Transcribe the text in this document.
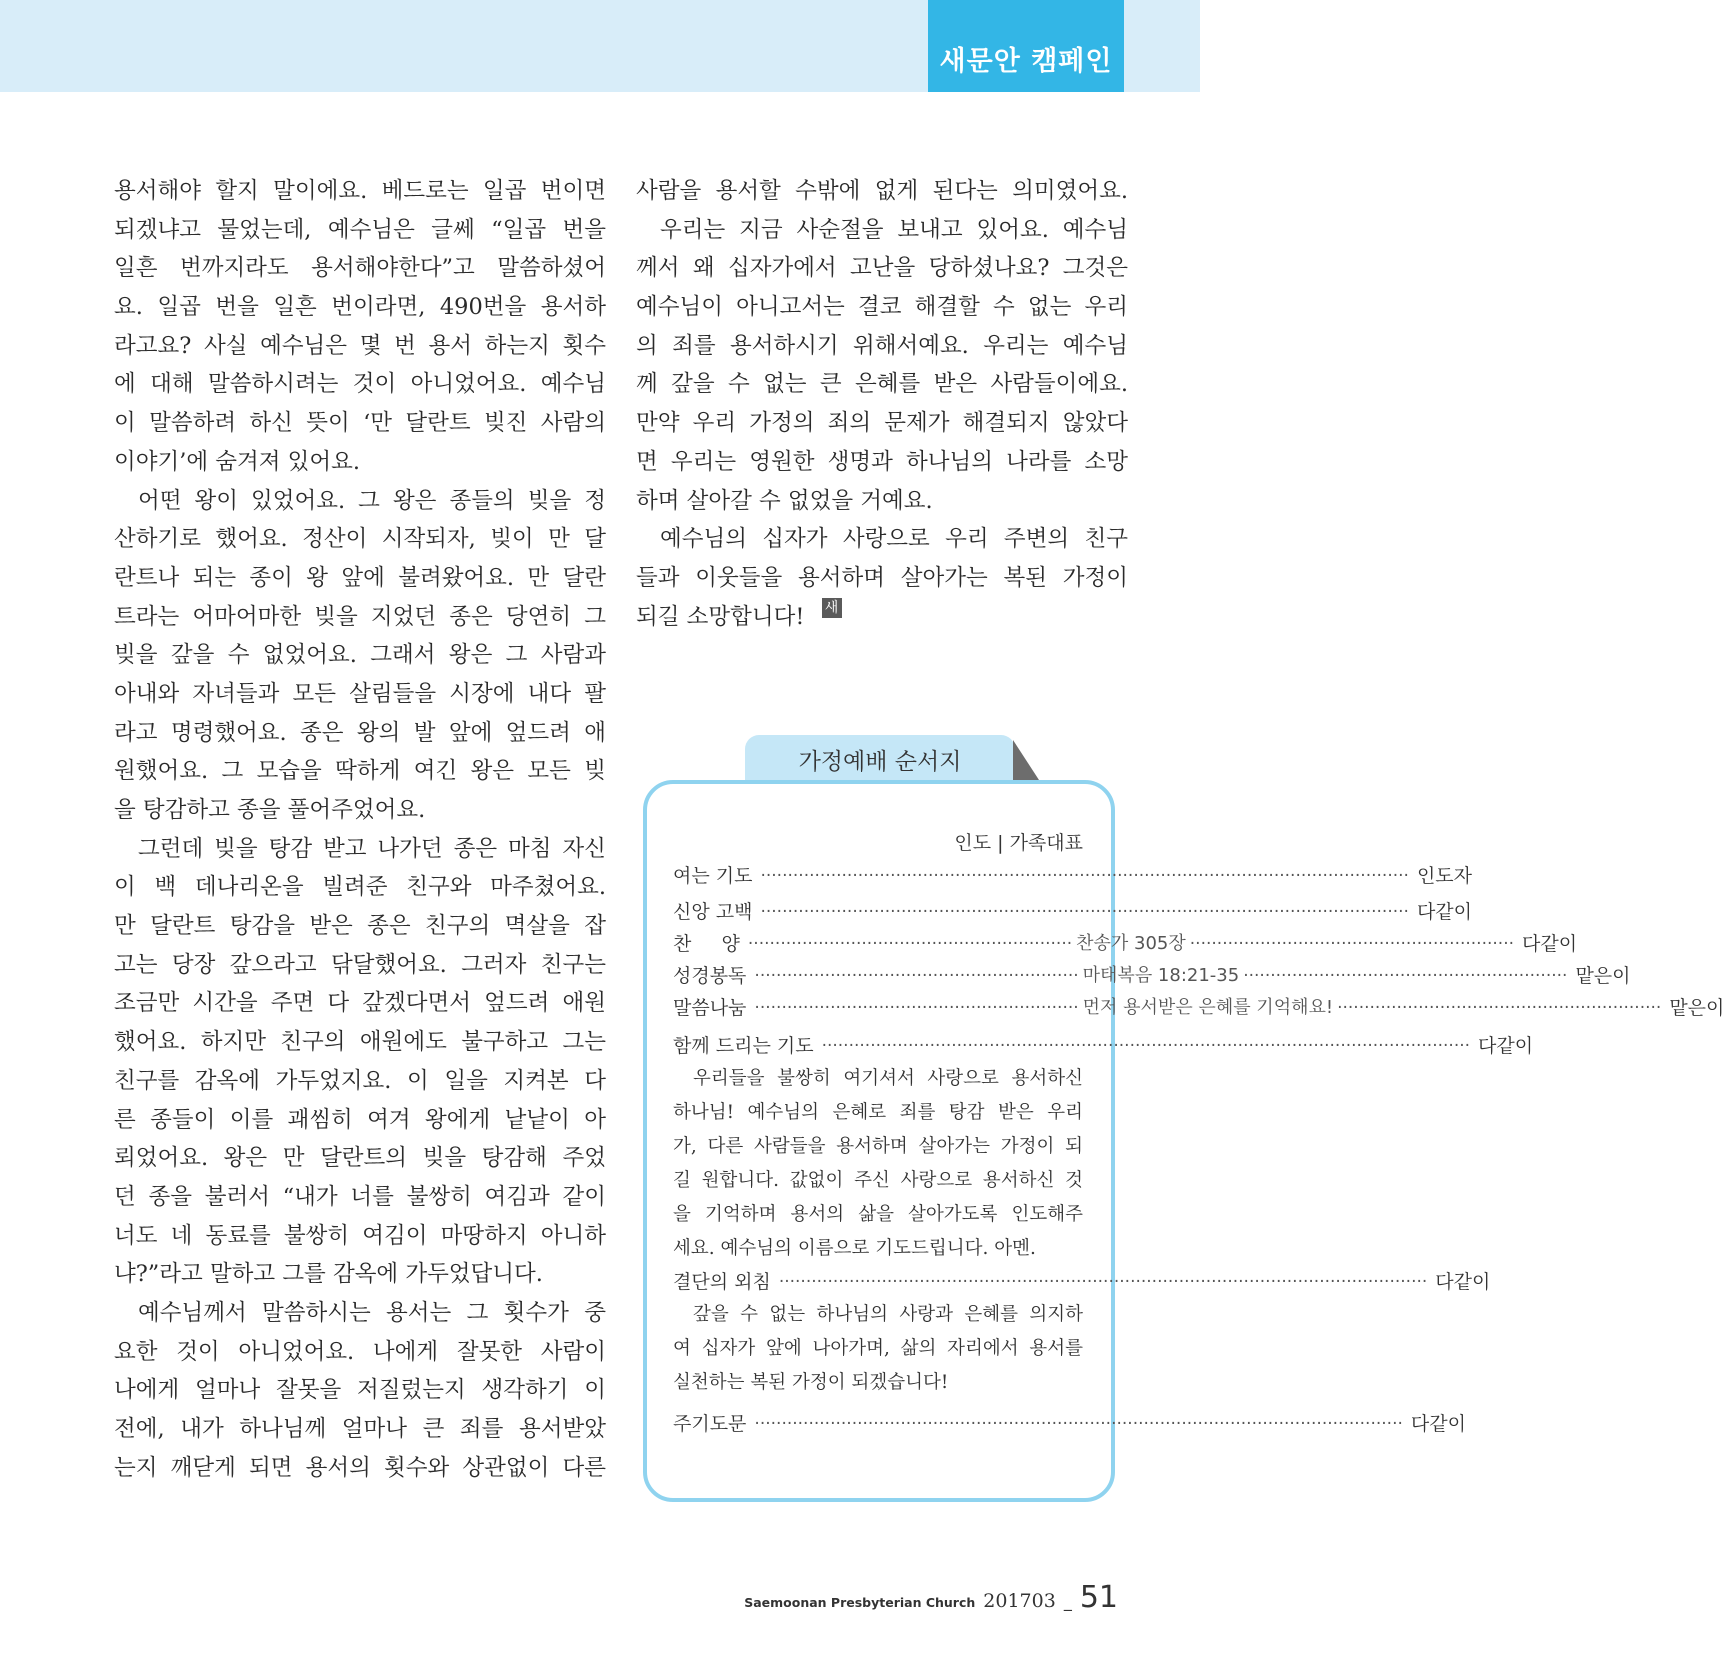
새문안 캠페인
용서해야 할지 말이에요. 베드로는 일곱 번이면
되겠냐고 물었는데, 예수님은 글쎄 “일곱 번을
일흔 번까지라도 용서해야한다”고 말씀하셨어
요. 일곱 번을 일흔 번이라면, 490번을 용서하
라고요? 사실 예수님은 몇 번 용서 하는지 횟수
에 대해 말씀하시려는 것이 아니었어요. 예수님
이 말씀하려 하신 뜻이 ‘만 달란트 빚진 사람의
이야기’에
숨겨져
있어요.

어떤 왕이 있었어요. 그 왕은 종들의 빚을 정
산하기로 했어요. 정산이 시작되자, 빚이 만 달
란트나 되는 종이 왕 앞에 불려왔어요. 만 달란
트라는 어마어마한 빚을 지었던 종은 당연히 그
빚을 갚을 수 없었어요. 그래서 왕은 그 사람과
아내와 자녀들과 모든 살림들을 시장에 내다 팔
라고 명령했어요. 종은 왕의 발 앞에 엎드려 애
원했어요. 그 모습을 딱하게 여긴 왕은 모든 빚
을
탕감하고
종을
풀어주었어요.

그런데 빚을 탕감 받고 나가던 종은 마침 자신
이 백 데나리온을 빌려준 친구와 마주쳤어요.
만 달란트 탕감을 받은 종은 친구의 멱살을 잡
고는 당장 갚으라고 닦달했어요. 그러자 친구는
조금만 시간을 주면 다 갚겠다면서 엎드려 애원
했어요. 하지만 친구의 애원에도 불구하고 그는
친구를 감옥에 가두었지요. 이 일을 지켜본 다
른 종들이 이를 괘씸히 여겨 왕에게 낱낱이 아
뢰었어요. 왕은 만 달란트의 빚을 탕감해 주었
던 종을 불러서 “내가 너를 불쌍히 여김과 같이
너도 네 동료를 불쌍히 여김이 마땅하지 아니하
냐?”라고
말하고
그를
감옥에
가두었답니다.

예수님께서 말씀하시는 용서는 그 횟수가 중
요한 것이 아니었어요. 나에게 잘못한 사람이
나에게 얼마나 잘못을 저질렀는지 생각하기 이
전에, 내가 하나님께 얼마나 큰 죄를 용서받았
는지 깨닫게 되면 용서의 횟수와 상관없이 다른
사람을 용서할 수밖에 없게 된다는 의미였어요.
우리는 지금 사순절을 보내고 있어요. 예수님
께서 왜 십자가에서 고난을 당하셨나요? 그것은
예수님이 아니고서는 결코 해결할 수 없는 우리
의 죄를 용서하시기 위해서예요. 우리는 예수님
께 갚을 수 없는 큰 은혜를 받은 사람들이에요.
만약 우리 가정의 죄의 문제가 해결되지 않았다
면 우리는 영원한 생명과 하나님의 나라를 소망
하며
살아갈
수
없었을
거예요.

예수님의 십자가 사랑으로 우리 주변의 친구
들과 이웃들을 용서하며 살아가는 복된 가정이
되길
소망합니다!
새
가정예배 순서지
인도 | 가족대표
여는 기도 ···························································· ···························································· 인도자
신앙 고백 ···························································· ···························································· 다같이
찬     양 ···························································· 찬송가 305장 ···························································· 다같이
성경봉독 ···························································· 마태복음 18:21-35 ···························································· 맡은이
말씀나눔 ···························································· 먼저 용서받은 은혜를 기억해요! ···························································· 맡은이
함께 드리는 기도 ···························································· ···························································· 다같이
우리들을 불쌍히 여기셔서 사랑으로 용서하신
하나님! 예수님의 은혜로 죄를 탕감 받은 우리
가, 다른 사람들을 용서하며 살아가는 가정이 되
길 원합니다. 값없이 주신 사랑으로 용서하신 것
을 기억하며 용서의 삶을 살아가도록 인도해주
세요.
예수님의
이름으로
기도드립니다.
아멘.

결단의 외침 ···························································· ···························································· 다같이
갚을 수 없는 하나님의 사랑과 은혜를 의지하
여 십자가 앞에 나아가며, 삶의 자리에서 용서를
실천하는
복된
가정이
되겠습니다!

주기도문 ···························································· ···························································· 다같이
Saemoonan Presbyterian Church 201703 _ 51
